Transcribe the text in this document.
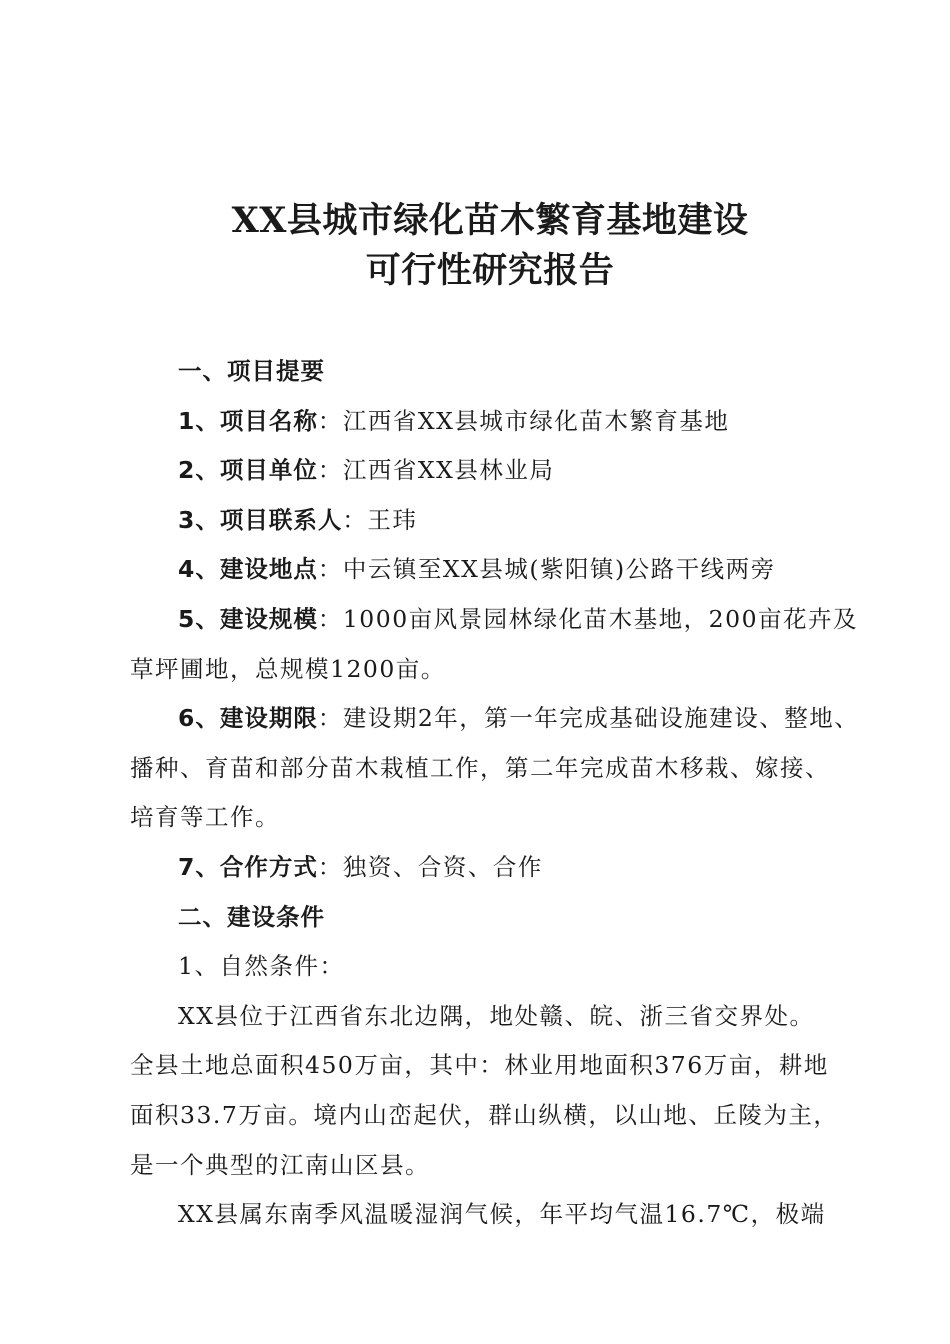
XX县城市绿化苗木繁育基地建设
可行性研究报告
一、项目提要
1、项目名称：江西省XX县城市绿化苗木繁育基地
2、项目单位：江西省XX县林业局
3、项目联系人：王玮
4、建设地点：中云镇至XX县城(紫阳镇)公路干线两旁
5、建设规模：1000亩风景园林绿化苗木基地，200亩花卉及
草坪圃地，总规模1200亩。
6、建设期限：建设期2年，第一年完成基础设施建设、整地、
播种、育苗和部分苗木栽植工作，第二年完成苗木移栽、嫁接、
培育等工作。
7、合作方式：独资、合资、合作
二、建设条件
1、自然条件：
XX县位于江西省东北边隅，地处赣、皖、浙三省交界处。
全县土地总面积450万亩，其中：林业用地面积376万亩，耕地
面积33.7万亩。境内山峦起伏，群山纵横，以山地、丘陵为主，
是一个典型的江南山区县。
XX县属东南季风温暖湿润气候，年平均气温16.7℃，极端
